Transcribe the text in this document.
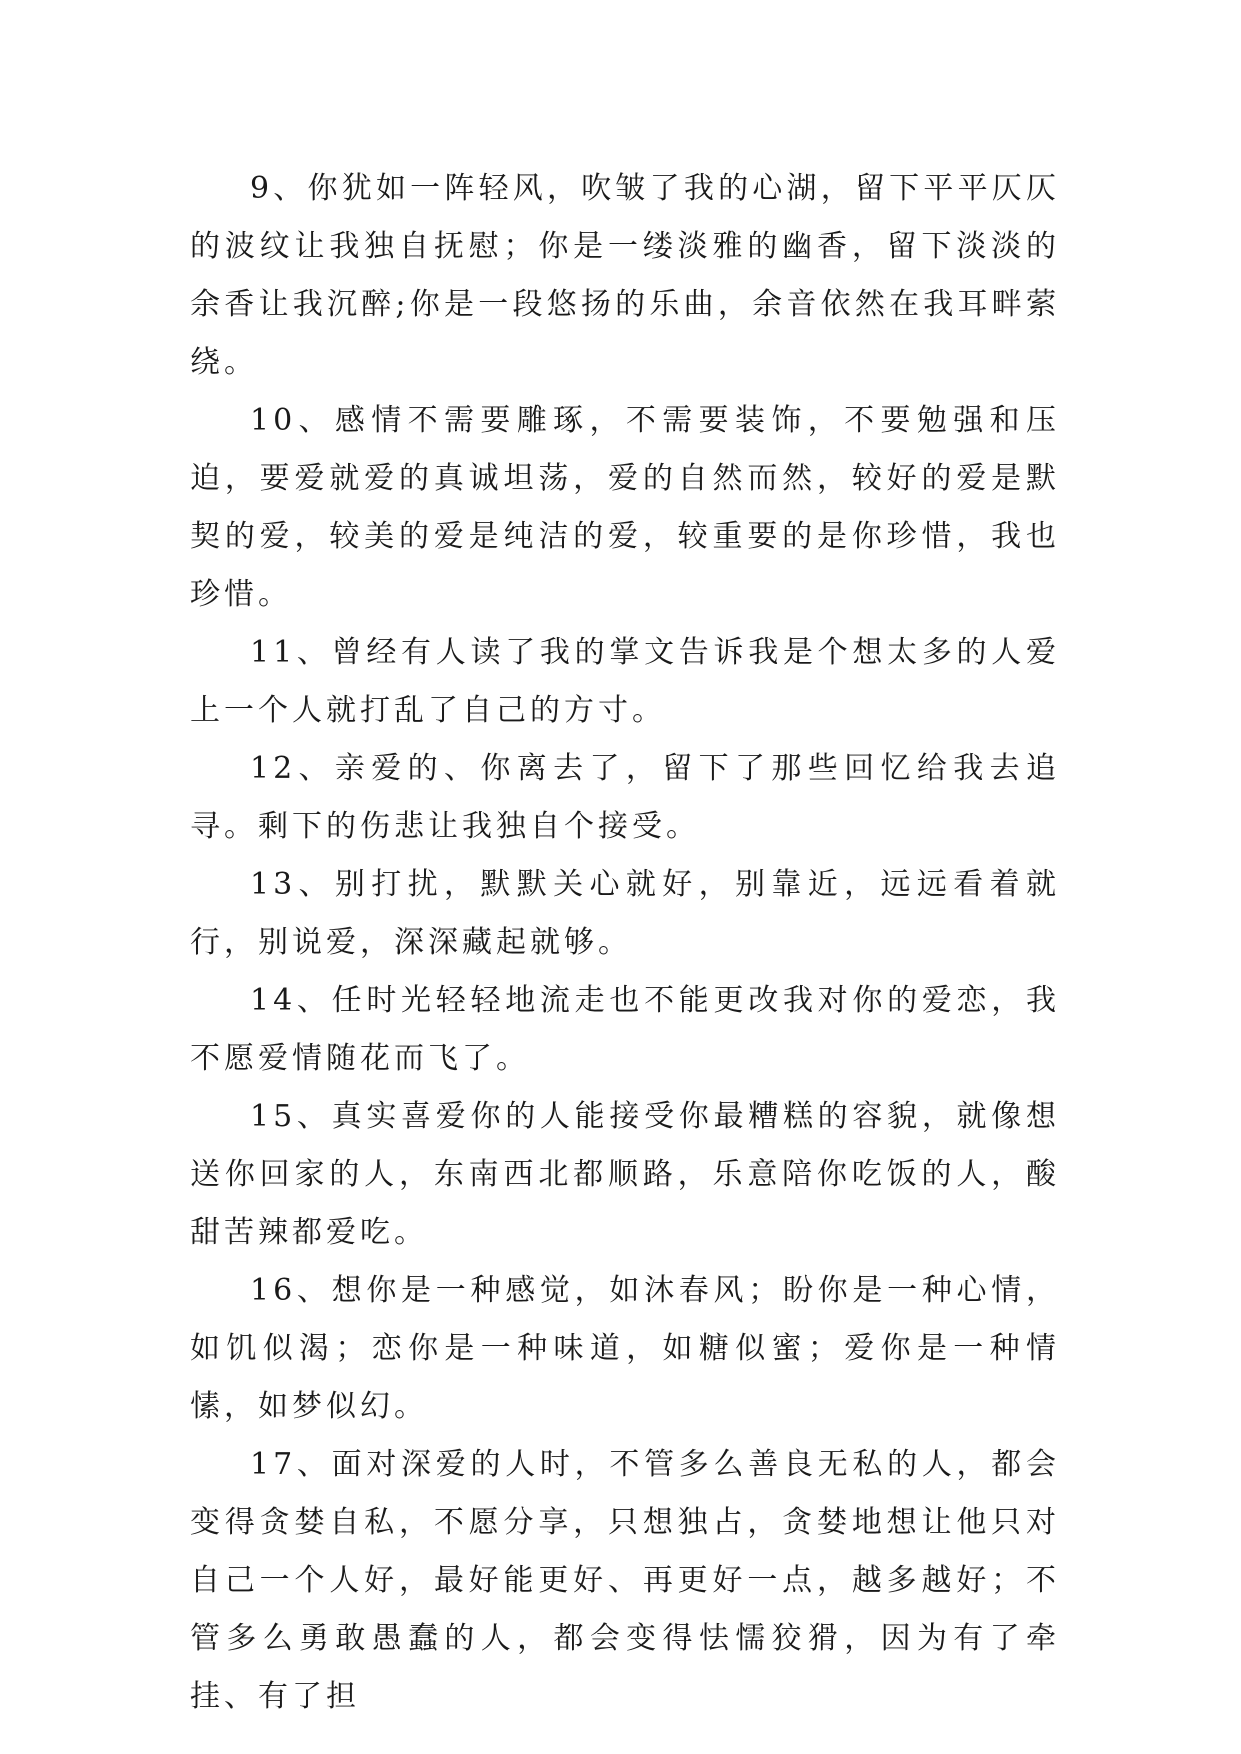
9、你犹如一阵轻风，吹皱了我的心湖，留下平平仄仄的波纹让我独自抚慰；你是一缕淡雅的幽香，留下淡淡的余香让我沉醉;你是一段悠扬的乐曲，余音依然在我耳畔萦绕。

10、感情不需要雕琢，不需要装饰，不要勉强和压迫，要爱就爱的真诚坦荡，爱的自然而然，较好的爱是默契的爱，较美的爱是纯洁的爱，较重要的是你珍惜，我也珍惜。

11、曾经有人读了我的掌文告诉我是个想太多的人爱上一个人就打乱了自己的方寸。

12、亲爱的、你离去了，留下了那些回忆给我去追寻。剩下的伤悲让我独自个接受。

13、别打扰，默默关心就好，别靠近，远远看着就行，别说爱，深深藏起就够。

14、任时光轻轻地流走也不能更改我对你的爱恋，我不愿爱情随花而飞了。

15、真实喜爱你的人能接受你最糟糕的容貌，就像想送你回家的人，东南西北都顺路，乐意陪你吃饭的人，酸甜苦辣都爱吃。

16、想你是一种感觉，如沐春风；盼你是一种心情，如饥似渴；恋你是一种味道，如糖似蜜；爱你是一种情愫，如梦似幻。

17、面对深爱的人时，不管多么善良无私的人，都会变得贪婪自私，不愿分享，只想独占，贪婪地想让他只对自己一个人好，最好能更好、再更好一点，越多越好；不管多么勇敢愚蠢的人，都会变得怯懦狡猾，因为有了牵挂、有了担
